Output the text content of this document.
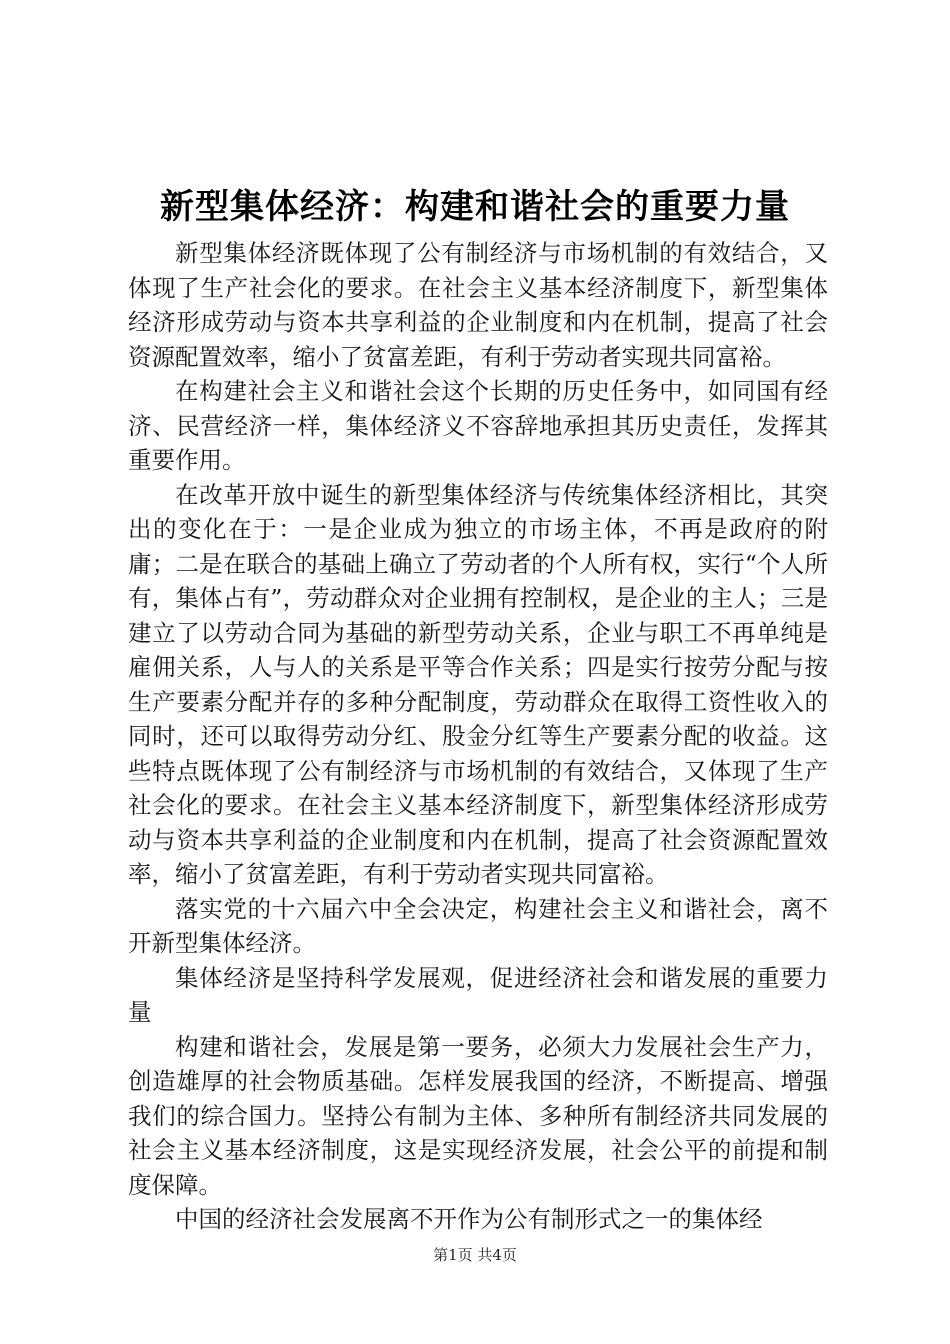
新型集体经济：构建和谐社会的重要力量

新型集体经济既体现了公有制经济与市场机制的有效结合，又体现了生产社会化的要求。在社会主义基本经济制度下，新型集体经济形成劳动与资本共享利益的企业制度和内在机制，提高了社会资源配置效率，缩小了贫富差距，有利于劳动者实现共同富裕。

在构建社会主义和谐社会这个长期的历史任务中，如同国有经济、民营经济一样，集体经济义不容辞地承担其历史责任，发挥其重要作用。

在改革开放中诞生的新型集体经济与传统集体经济相比，其突出的变化在于：一是企业成为独立的市场主体，不再是政府的附庸；二是在联合的基础上确立了劳动者的个人所有权，实行“个人所有，集体占有”，劳动群众对企业拥有控制权，是企业的主人；三是建立了以劳动合同为基础的新型劳动关系，企业与职工不再单纯是雇佣关系，人与人的关系是平等合作关系；四是实行按劳分配与按生产要素分配并存的多种分配制度，劳动群众在取得工资性收入的同时，还可以取得劳动分红、股金分红等生产要素分配的收益。这些特点既体现了公有制经济与市场机制的有效结合，又体现了生产社会化的要求。在社会主义基本经济制度下，新型集体经济形成劳动与资本共享利益的企业制度和内在机制，提高了社会资源配置效率，缩小了贫富差距，有利于劳动者实现共同富裕。

落实党的十六届六中全会决定，构建社会主义和谐社会，离不开新型集体经济。

集体经济是坚持科学发展观，促进经济社会和谐发展的重要力量

构建和谐社会，发展是第一要务，必须大力发展社会生产力，创造雄厚的社会物质基础。怎样发展我国的经济，不断提高、增强我们的综合国力。坚持公有制为主体、多种所有制经济共同发展的社会主义基本经济制度，这是实现经济发展，社会公平的前提和制度保障。

中国的经济社会发展离不开作为公有制形式之一的集体经

第1页 共4页
